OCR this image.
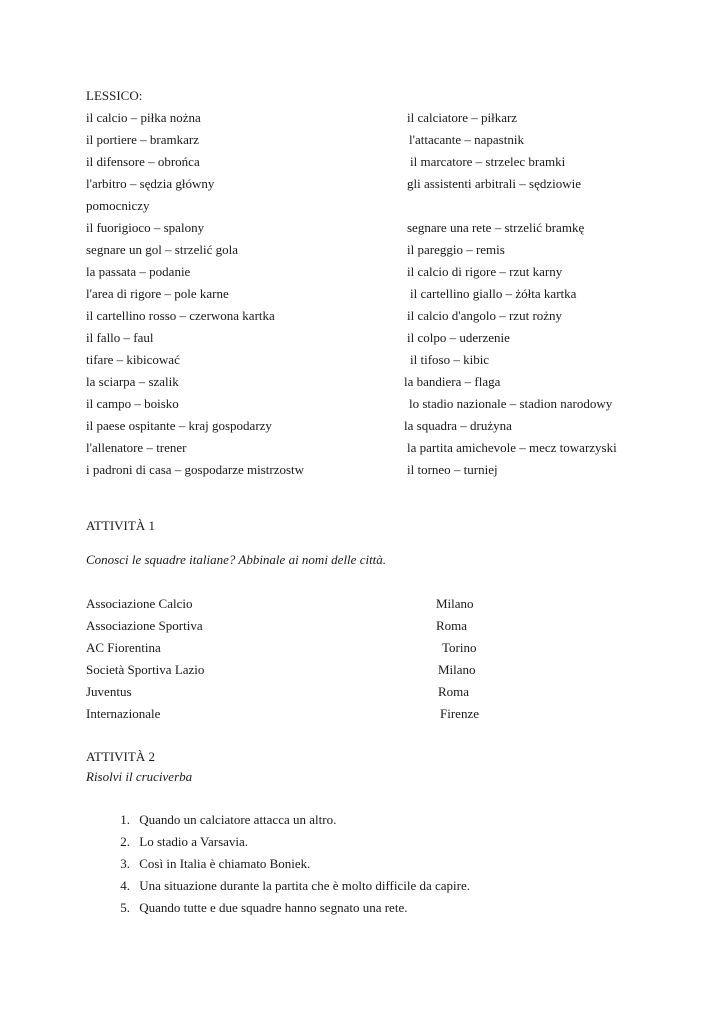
LESSICO:
il calcio – piłka nożna
il portiere – bramkarz
il difensore – obrońca
l'arbitro – sędzia główny
pomocniczy
il fuorigioco – spalony
segnare un gol – strzelić gola
la passata – podanie
l'area di rigore – pole karne
il cartellino rosso – czerwona kartka
il fallo – faul
tifare – kibicować
la sciarpa – szalik
il campo – boisko
il paese ospitante – kraj gospodarzy
l'allenatore – trener
i padroni di casa – gospodarze mistrzostw
il calciatore – piłkarz
l'attacante – napastnik
il marcatore – strzelec bramki
gli assistenti arbitrali – sędziowie
segnare una rete – strzelić bramkę
il pareggio – remis
il calcio di rigore – rzut karny
il cartellino giallo – żółta kartka
il calcio d'angolo – rzut rożny
il colpo – uderzenie
il tifoso – kibic
la bandiera – flaga
lo stadio nazionale – stadion narodowy
la squadra – drużyna
la partita amichevole – mecz towarzyski
il torneo – turniej
ATTIVITÀ 1
Conosci le squadre italiane? Abbinale ai nomi delle città.
Associazione Calcio
Associazione Sportiva
AC Fiorentina
Società Sportiva Lazio
Juventus
Internazionale
Milano
Roma
Torino
Milano
Roma
Firenze
ATTIVITÀ 2
Risolvi il cruciverba
1. Quando un calciatore attacca un altro.
2. Lo stadio a Varsavia.
3. Così in Italia è chiamato Boniek.
4. Una situazione durante la partita che è molto difficile da capire.
5. Quando tutte e due squadre hanno segnato una rete.
